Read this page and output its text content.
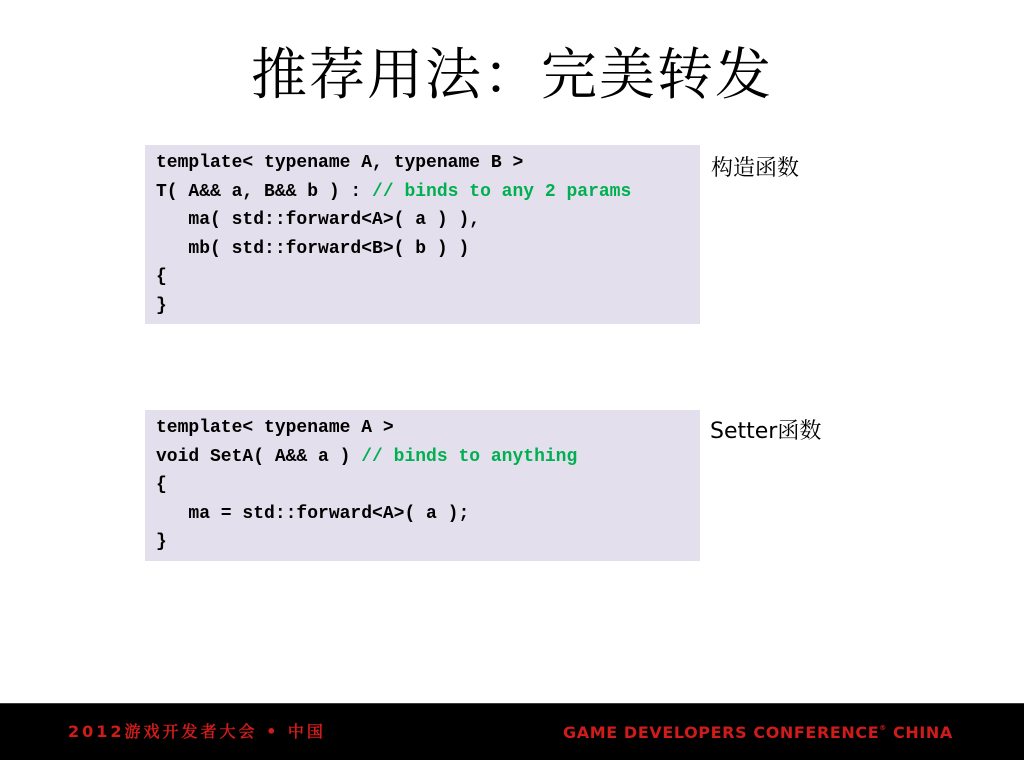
推荐用法：完美转发
template< typename A, typename B >
T( A&& a, B&& b ) : // binds to any 2 params
ma( std::forward<A>( a ) ),
mb( std::forward<B>( b ) )
{
}
构造函数
template< typename A >
void SetA( A&& a ) // binds to anything
{
ma = std::forward<A>( a );
}
Setter函数
2012游戏开发者大会 • 中国	GAME DEVELOPERS CONFERENCE® CHINA
